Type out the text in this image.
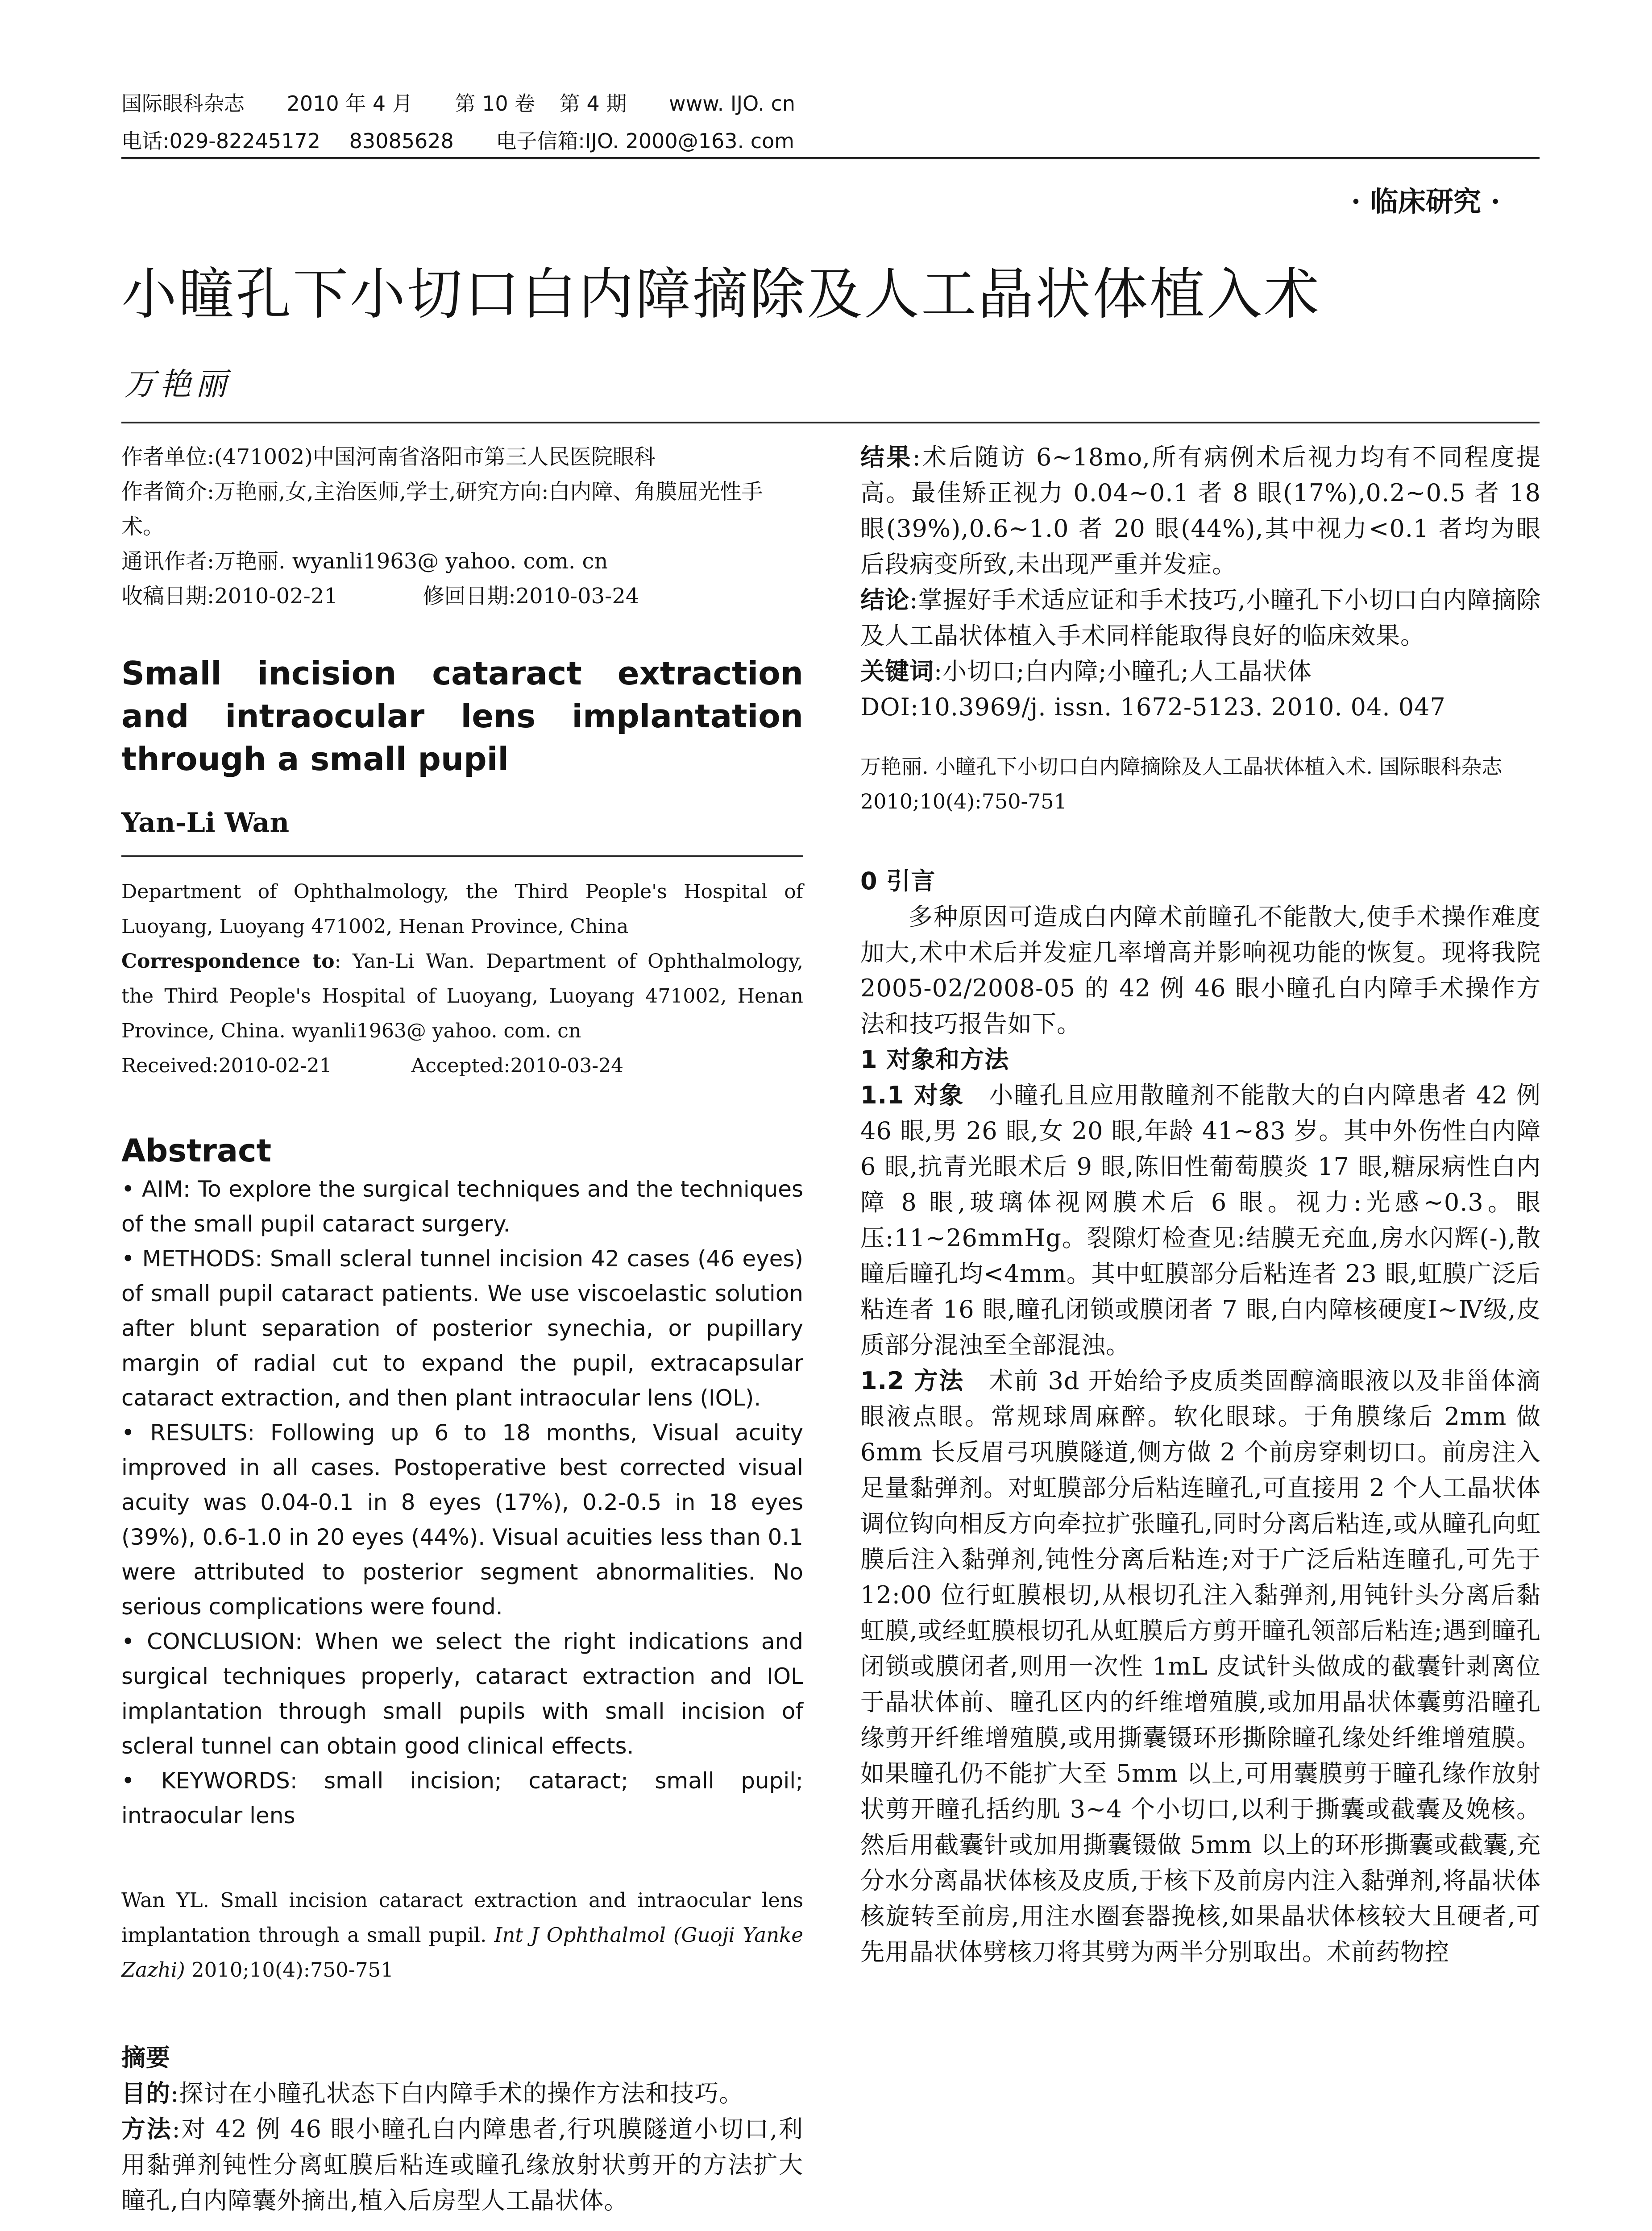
国际眼科杂志 2010 年 4 月 第 10 卷 第 4 期 www. IJO. cn
电话:029-82245172 83085628 电子信箱:IJO. 2000@163. com
· 临床研究 ·
小瞳孔下小切口白内障摘除及人工晶状体植入术
万艳丽

作者单位:(471002)中国河南省洛阳市第三人民医院眼科

作者简介:万艳丽,女,主治医师,学士,研究方向:白内障、角膜屈光性手术。

通讯作者:万艳丽. wyanli1963@ yahoo. com. cn

收稿日期:2010-02-21	修回日期:2010-03-24

Small incision cataract extraction and intraocular lens implantation through a small pupil

Yan-Li Wan

Department of Ophthalmology, the Third People's Hospital of Luoyang, Luoyang 471002, Henan Province, China

Correspondence to: Yan-Li Wan. Department of Ophthalmology, the Third People's Hospital of Luoyang, Luoyang 471002, Henan Province, China. wyanli1963@ yahoo. com. cn

Received:2010-02-21	Accepted:2010-03-24

Abstract

• AIM: To explore the surgical techniques and the techniques of the small pupil cataract surgery.

• METHODS: Small scleral tunnel incision 42 cases (46 eyes) of small pupil cataract patients. We use viscoelastic solution after blunt separation of posterior synechia, or pupillary margin of radial cut to expand the pupil, extracapsular cataract extraction, and then plant intraocular lens (IOL).

• RESULTS: Following up 6 to 18 months, Visual acuity improved in all cases. Postoperative best corrected visual acuity was 0.04-0.1 in 8 eyes (17%), 0.2-0.5 in 18 eyes (39%), 0.6-1.0 in 20 eyes (44%). Visual acuities less than 0.1 were attributed to posterior segment abnormalities. No serious complications were found.

• CONCLUSION: When we select the right indications and surgical techniques properly, cataract extraction and IOL implantation through small pupils with small incision of scleral tunnel can obtain good clinical effects.

• KEYWORDS: small incision; cataract; small pupil; intraocular lens

Wan YL. Small incision cataract extraction and intraocular lens implantation through a small pupil. Int J Ophthalmol (Guoji Yanke Zazhi) 2010;10(4):750-751

摘要

目的:探讨在小瞳孔状态下白内障手术的操作方法和技巧。

方法:对 42 例 46 眼小瞳孔白内障患者,行巩膜隧道小切口,利用黏弹剂钝性分离虹膜后粘连或瞳孔缘放射状剪开的方法扩大瞳孔,白内障囊外摘出,植入后房型人工晶状体。

结果:术后随访 6~18mo,所有病例术后视力均有不同程度提高。最佳矫正视力 0.04~0.1 者 8 眼(17%),0.2~0.5 者 18 眼(39%),0.6~1.0 者 20 眼(44%),其中视力<0.1 者均为眼后段病变所致,未出现严重并发症。

结论:掌握好手术适应证和手术技巧,小瞳孔下小切口白内障摘除及人工晶状体植入手术同样能取得良好的临床效果。

关键词:小切口;白内障;小瞳孔;人工晶状体

DOI:10.3969/j. issn. 1672-5123. 2010. 04. 047

万艳丽. 小瞳孔下小切口白内障摘除及人工晶状体植入术. 国际眼科杂志 2010;10(4):750-751

0 引言

多种原因可造成白内障术前瞳孔不能散大,使手术操作难度加大,术中术后并发症几率增高并影响视功能的恢复。现将我院 2005-02/2008-05 的 42 例 46 眼小瞳孔白内障手术操作方法和技巧报告如下。

1 对象和方法

1.1 对象 小瞳孔且应用散瞳剂不能散大的白内障患者 42 例 46 眼,男 26 眼,女 20 眼,年龄 41~83 岁。其中外伤性白内障 6 眼,抗青光眼术后 9 眼,陈旧性葡萄膜炎 17 眼,糖尿病性白内障 8 眼,玻璃体视网膜术后 6 眼。视力:光感~0.3。眼压:11~26mmHg。裂隙灯检查见:结膜无充血,房水闪辉(-),散瞳后瞳孔均<4mm。其中虹膜部分后粘连者 23 眼,虹膜广泛后粘连者 16 眼,瞳孔闭锁或膜闭者 7 眼,白内障核硬度Ⅰ~Ⅳ级,皮质部分混浊至全部混浊。

1.2 方法 术前 3d 开始给予皮质类固醇滴眼液以及非甾体滴眼液点眼。常规球周麻醉。软化眼球。于角膜缘后 2mm 做 6mm 长反眉弓巩膜隧道,侧方做 2 个前房穿刺切口。前房注入足量黏弹剂。对虹膜部分后粘连瞳孔,可直接用 2 个人工晶状体调位钩向相反方向牵拉扩张瞳孔,同时分离后粘连,或从瞳孔向虹膜后注入黏弹剂,钝性分离后粘连;对于广泛后粘连瞳孔,可先于 12:00 位行虹膜根切,从根切孔注入黏弹剂,用钝针头分离后黏虹膜,或经虹膜根切孔从虹膜后方剪开瞳孔领部后粘连;遇到瞳孔闭锁或膜闭者,则用一次性 1mL 皮试针头做成的截囊针剥离位于晶状体前、瞳孔区内的纤维增殖膜,或加用晶状体囊剪沿瞳孔缘剪开纤维增殖膜,或用撕囊镊环形撕除瞳孔缘处纤维增殖膜。如果瞳孔仍不能扩大至 5mm 以上,可用囊膜剪于瞳孔缘作放射状剪开瞳孔括约肌 3~4 个小切口,以利于撕囊或截囊及娩核。然后用截囊针或加用撕囊镊做 5mm 以上的环形撕囊或截囊,充分水分离晶状体核及皮质,于核下及前房内注入黏弹剂,将晶状体核旋转至前房,用注水圈套器挽核,如果晶状体核较大且硬者,可先用晶状体劈核刀将其劈为两半分别取出。术前药物控
